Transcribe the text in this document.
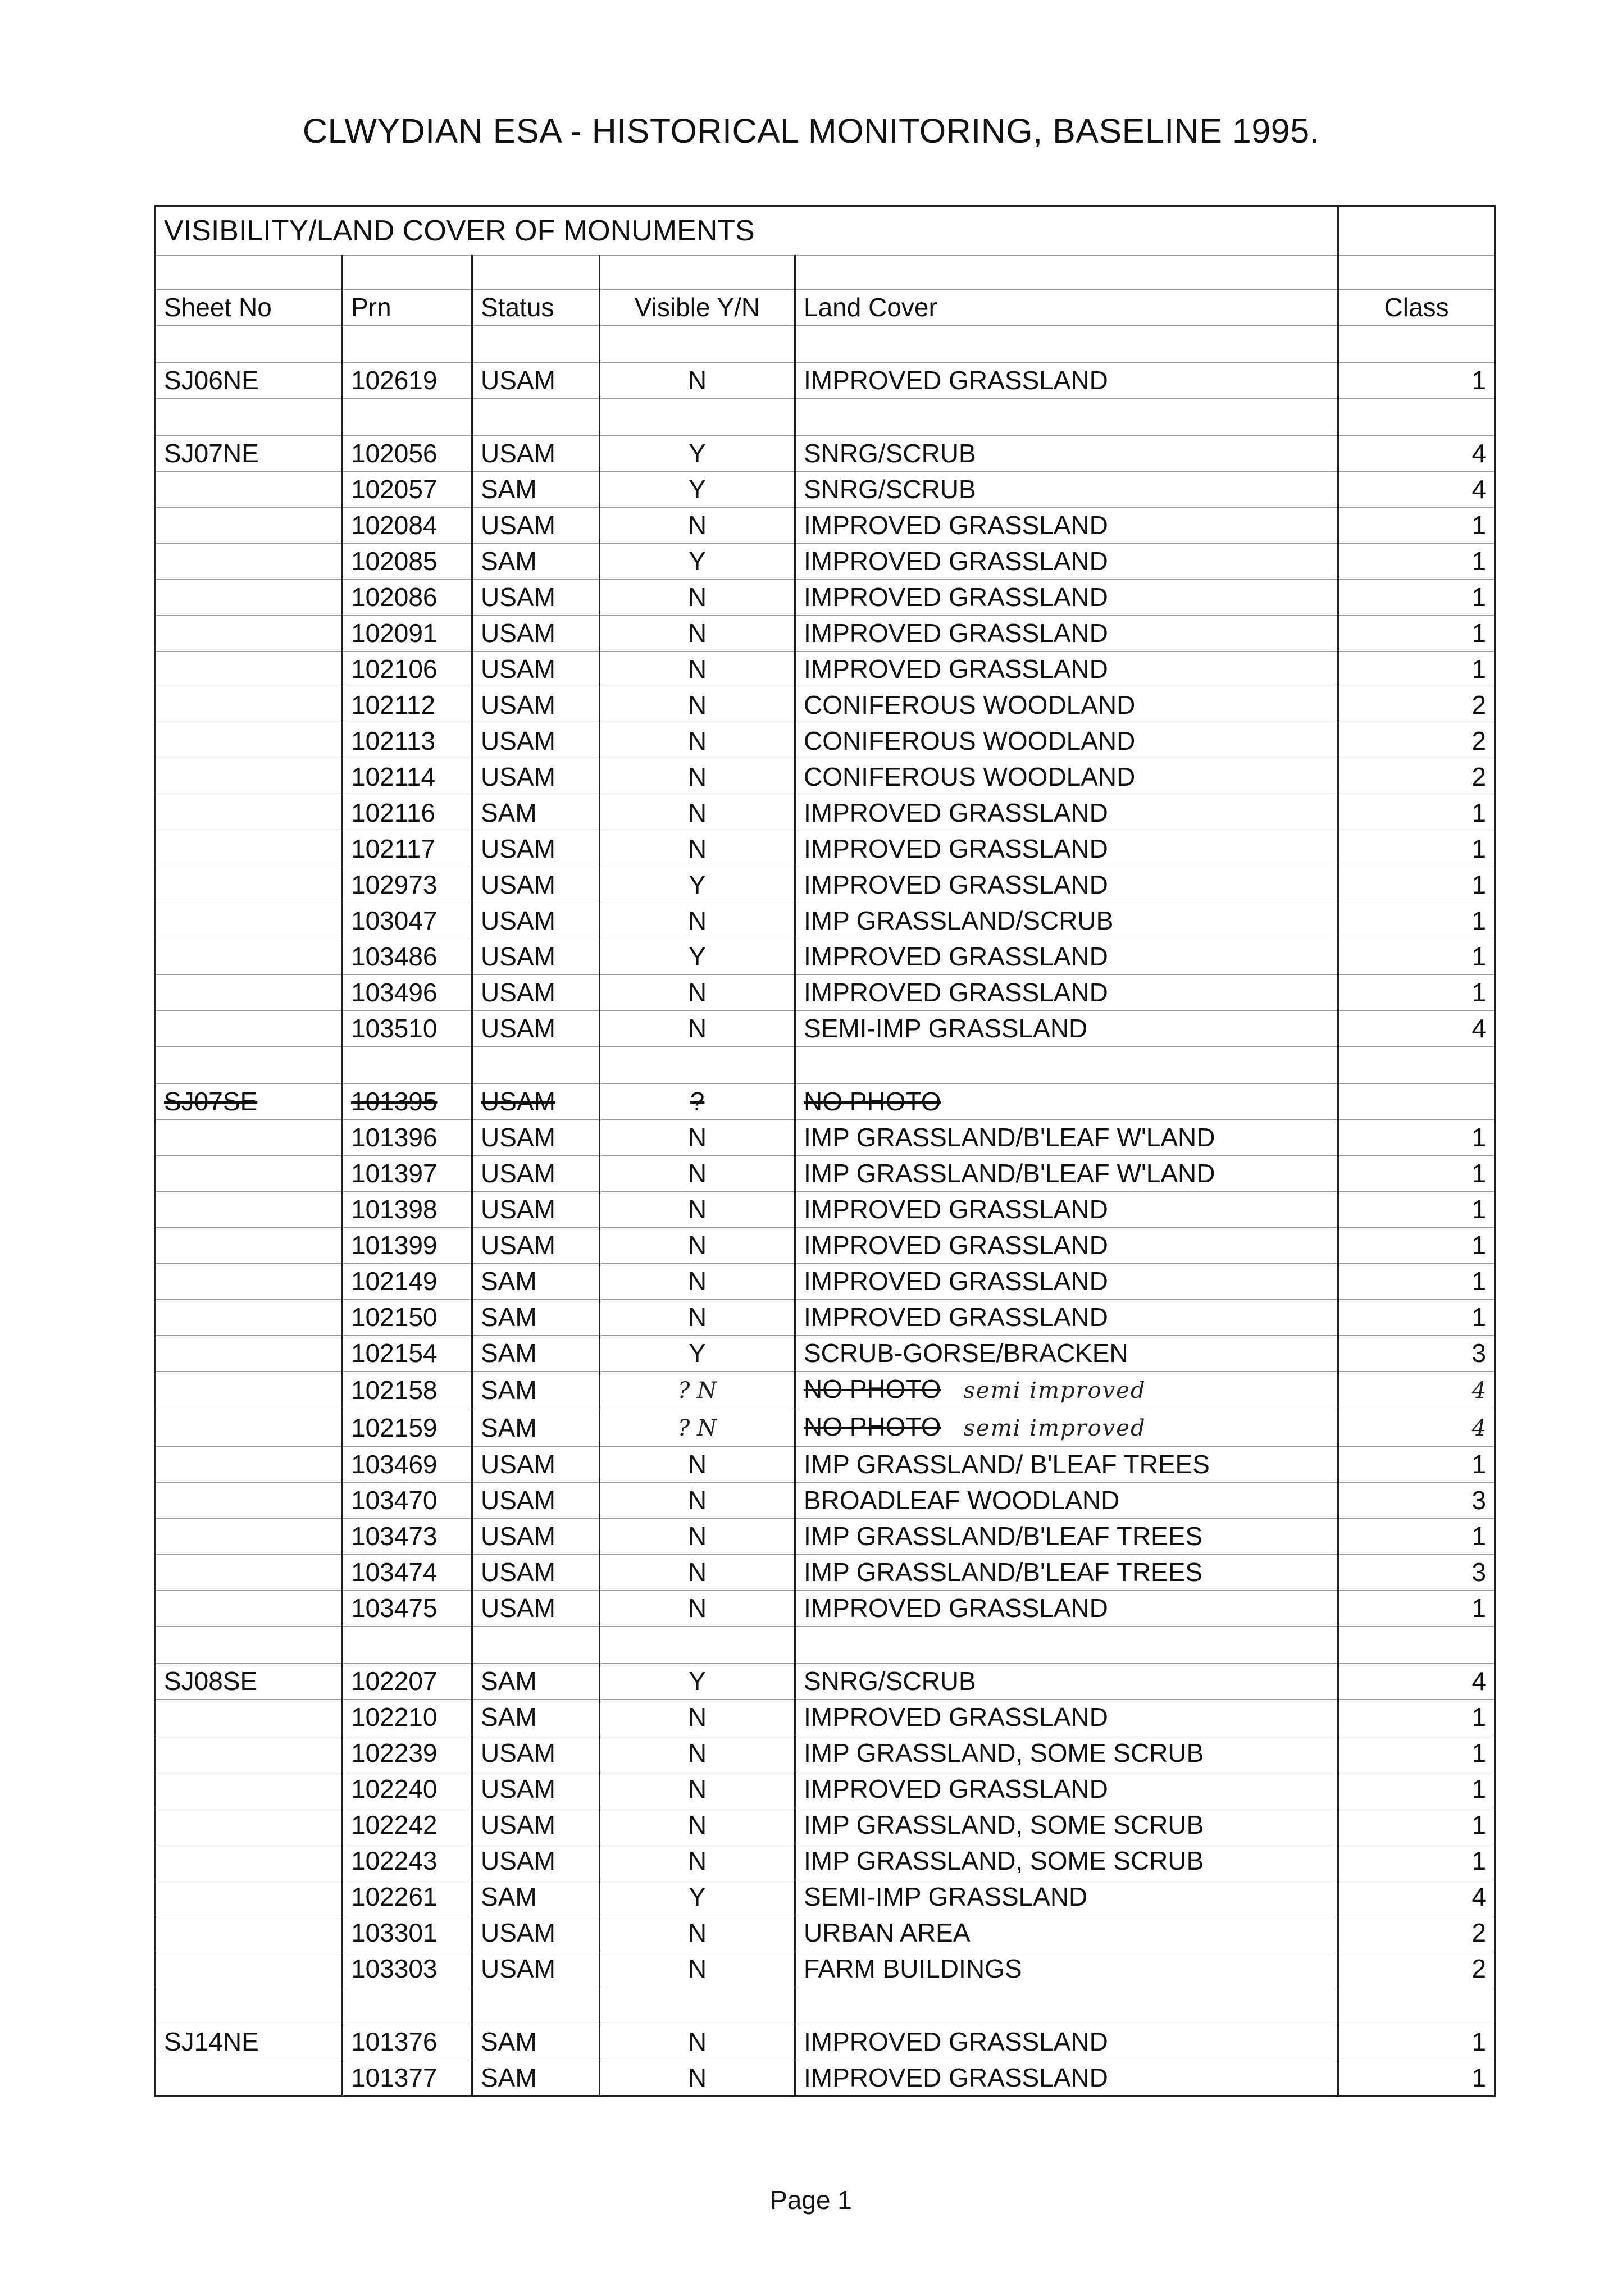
CLWYDIAN ESA - HISTORICAL MONITORING, BASELINE 1995.
VISIBILITY/LAND COVER OF MONUMENTS					

Sheet No	Prn	Status	Visible Y/N	Land Cover	Class

SJ06NE	102619	USAM	N	IMPROVED GRASSLAND	1

SJ07NE	102056	USAM	Y	SNRG/SCRUB	4
	102057	SAM	Y	SNRG/SCRUB	4
	102084	USAM	N	IMPROVED GRASSLAND	1
	102085	SAM	Y	IMPROVED GRASSLAND	1
	102086	USAM	N	IMPROVED GRASSLAND	1
	102091	USAM	N	IMPROVED GRASSLAND	1
	102106	USAM	N	IMPROVED GRASSLAND	1
	102112	USAM	N	CONIFEROUS WOODLAND	2
	102113	USAM	N	CONIFEROUS WOODLAND	2
	102114	USAM	N	CONIFEROUS WOODLAND	2
	102116	SAM	N	IMPROVED GRASSLAND	1
	102117	USAM	N	IMPROVED GRASSLAND	1
	102973	USAM	Y	IMPROVED GRASSLAND	1
	103047	USAM	N	IMP GRASSLAND/SCRUB	1
	103486	USAM	Y	IMPROVED GRASSLAND	1
	103496	USAM	N	IMPROVED GRASSLAND	1
	103510	USAM	N	SEMI-IMP GRASSLAND	4

SJ07SE	101395	USAM	?	NO PHOTO	
	101396	USAM	N	IMP GRASSLAND/B'LEAF W'LAND	1
	101397	USAM	N	IMP GRASSLAND/B'LEAF W'LAND	1
	101398	USAM	N	IMPROVED GRASSLAND	1
	101399	USAM	N	IMPROVED GRASSLAND	1
	102149	SAM	N	IMPROVED GRASSLAND	1
	102150	SAM	N	IMPROVED GRASSLAND	1
	102154	SAM	Y	SCRUB-GORSE/BRACKEN	3
	102158	SAM	? N	NO PHOTO semi improved	4
	102159	SAM	? N	NO PHOTO semi improved	4
	103469	USAM	N	IMP GRASSLAND/ B'LEAF TREES	1
	103470	USAM	N	BROADLEAF WOODLAND	3
	103473	USAM	N	IMP GRASSLAND/B'LEAF TREES	1
	103474	USAM	N	IMP GRASSLAND/B'LEAF TREES	3
	103475	USAM	N	IMPROVED GRASSLAND	1

SJ08SE	102207	SAM	Y	SNRG/SCRUB	4
	102210	SAM	N	IMPROVED GRASSLAND	1
	102239	USAM	N	IMP GRASSLAND, SOME SCRUB	1
	102240	USAM	N	IMPROVED GRASSLAND	1
	102242	USAM	N	IMP GRASSLAND, SOME SCRUB	1
	102243	USAM	N	IMP GRASSLAND, SOME SCRUB	1
	102261	SAM	Y	SEMI-IMP GRASSLAND	4
	103301	USAM	N	URBAN AREA	2
	103303	USAM	N	FARM BUILDINGS	2

SJ14NE	101376	SAM	N	IMPROVED GRASSLAND	1
	101377	SAM	N	IMPROVED GRASSLAND	1
Page 1
